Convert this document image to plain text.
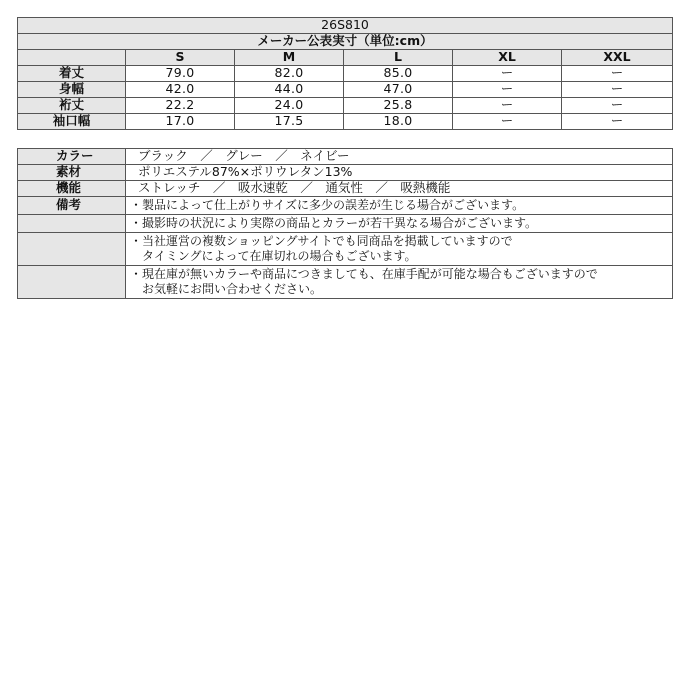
26S810					
メーカー公表実寸（単位:cm）					
	S	M	L	XL	XXL
着丈	79.0	82.0	85.0	ー	ー
身幅	42.0	44.0	47.0	ー	ー
裄丈	22.2	24.0	25.8	ー	ー
袖口幅	17.0	17.5	18.0	ー	ー
カラー	ブラック　／　グレー　／　ネイビー
素材	ポリエステル87%×ポリウレタン13%
機能	ストレッチ　／　吸水速乾　／　通気性　／　吸熱機能
備考	・製品によって仕上がりサイズに多少の誤差が生じる場合がございます。

	・撮影時の状況により実際の商品とカラーが若干異なる場合がございます。

	・当社運営の複数ショッピングサイトでも同商品を掲載していますので
　タイミングによって在庫切れの場合もございます。

	・現在庫が無いカラーや商品につきましても、在庫手配が可能な場合もございますので
　お気軽にお問い合わせください。
